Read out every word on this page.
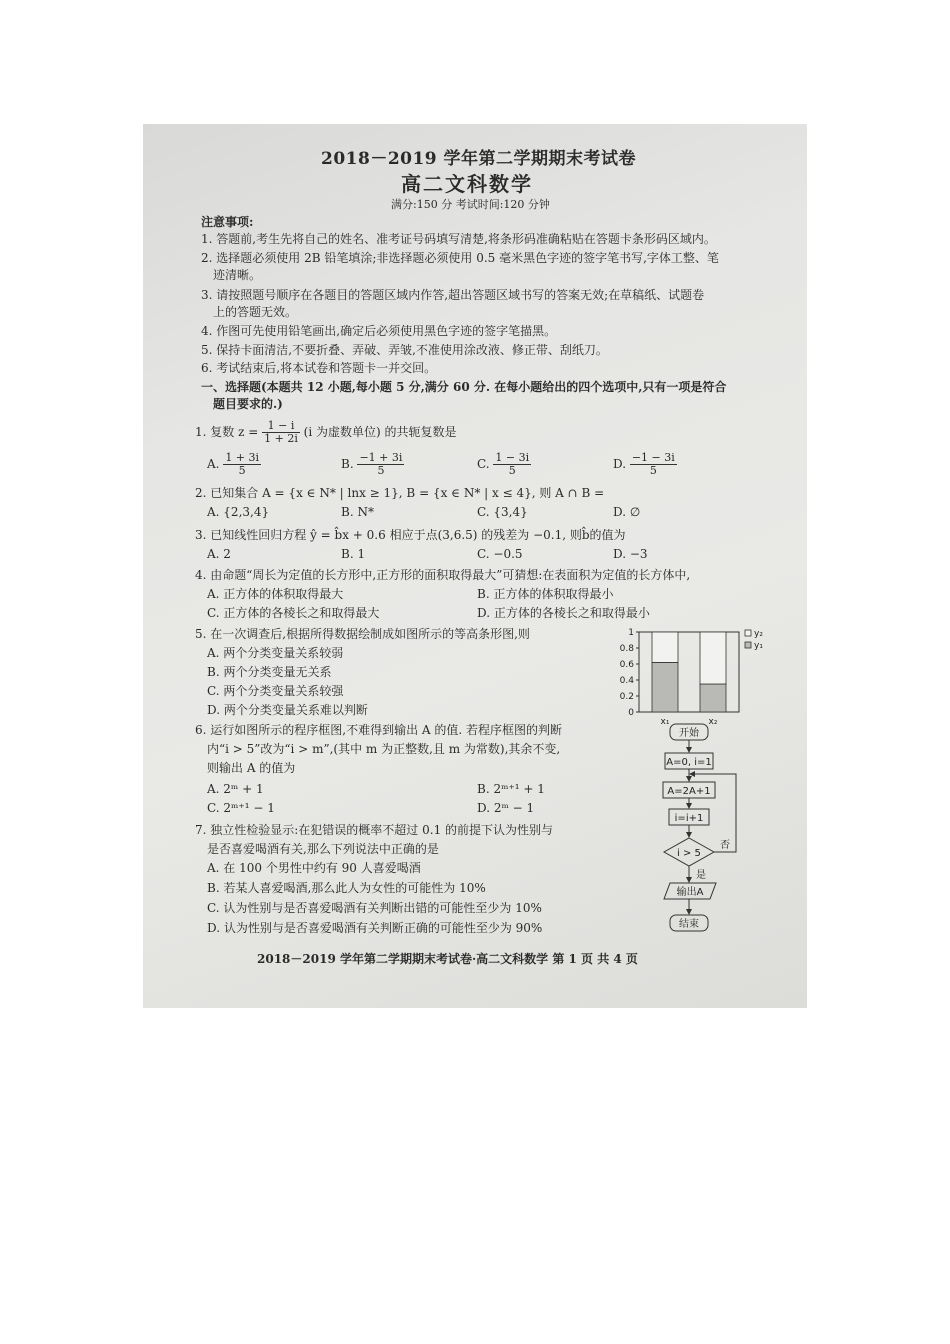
2018－2019 学年第二学期期末考试卷
高二文科数学
满分:150 分 考试时间:120 分钟
注意事项:
1. 答题前,考生先将自己的姓名、准考证号码填写清楚,将条形码准确粘贴在答题卡条形码区域内。
2. 选择题必须使用 2B 铅笔填涂;非选择题必须使用 0.5 毫米黑色字迹的签字笔书写,字体工整、笔
迹清晰。
3. 请按照题号顺序在各题目的答题区域内作答,超出答题区域书写的答案无效;在草稿纸、试题卷
上的答题无效。
4. 作图可先使用铅笔画出,确定后必须使用黑色字迹的签字笔描黑。
5. 保持卡面清洁,不要折叠、弄破、弄皱,不准使用涂改液、修正带、刮纸刀。
6. 考试结束后,将本试卷和答题卡一并交回。
一、选择题(本题共 12 小题,每小题 5 分,满分 60 分. 在每小题给出的四个选项中,只有一项是符合
题目要求的.)
1. 复数 $z = \frac{1 - i}{1 + 2i} (i$ 为虚数单位) 的共轭复数是
A. $\frac{1 + 3i}{5}$	B. $\frac{-1 + 3i}{5}$	C. $\frac{1 - 3i}{5}$	D. $\frac{-1 - 3i}{5}$
2. 已知集合 A = {x ∈ N* | lnx ≥ 1}, B = {x ∈ N* | x ≤ 4}, 则 A ∩ B =
A. {2,3,4}	B. N*	C. {3,4}	D. ∅
3. 已知线性回归方程 ŷ = b̂x + 0.6 相应于点(3,6.5) 的残差为 −0.1, 则b̂的值为
A. 2	B. 1	C. −0.5	D. −3
4. 由命题“周长为定值的长方形中,正方形的面积取得最大”可猜想:在表面积为定值的长方体中,
A. 正方体的体积取得最大	B. 正方体的体积取得最小
C. 正方体的各棱长之和取得最大	D. 正方体的各棱长之和取得最小
5. 在一次调查后,根据所得数据绘制成如图所示的等高条形图,则
A. 两个分类变量关系较弱
B. 两个分类变量无关系
C. 两个分类变量关系较强
D. 两个分类变量关系难以判断	0
0.2
0.4
0.6
0.8
1
x₁	x₂
y₂
y₁
6. 运行如图所示的程序框图,不难得到输出 A 的值. 若程序框图的判断
内“i > 5”改为“i > m”,(其中 m 为正整数,且 m 为常数),其余不变,
则输出 A 的值为
A. 2ᵐ + 1	B. 2ᵐ⁺¹ + 1
C. 2ᵐ⁺¹ − 1	D. 2ᵐ − 1
7. 独立性检验显示:在犯错误的概率不超过 0.1 的前提下认为性别与
是否喜爱喝酒有关,那么下列说法中正确的是
A. 在 100 个男性中约有 90 人喜爱喝酒
B. 若某人喜爱喝酒,那么此人为女性的可能性为 10%
C. 认为性别与是否喜爱喝酒有关判断出错的可能性至少为 10%
D. 认为性别与是否喜爱喝酒有关判断正确的可能性至少为 90%
开始
A=0, i=1
A=2A+1
i=i+1
i > 5
否
是
输出A
结束
2018－2019 学年第二学期期末考试卷·高二文科数学 第 1 页 共 4 页
